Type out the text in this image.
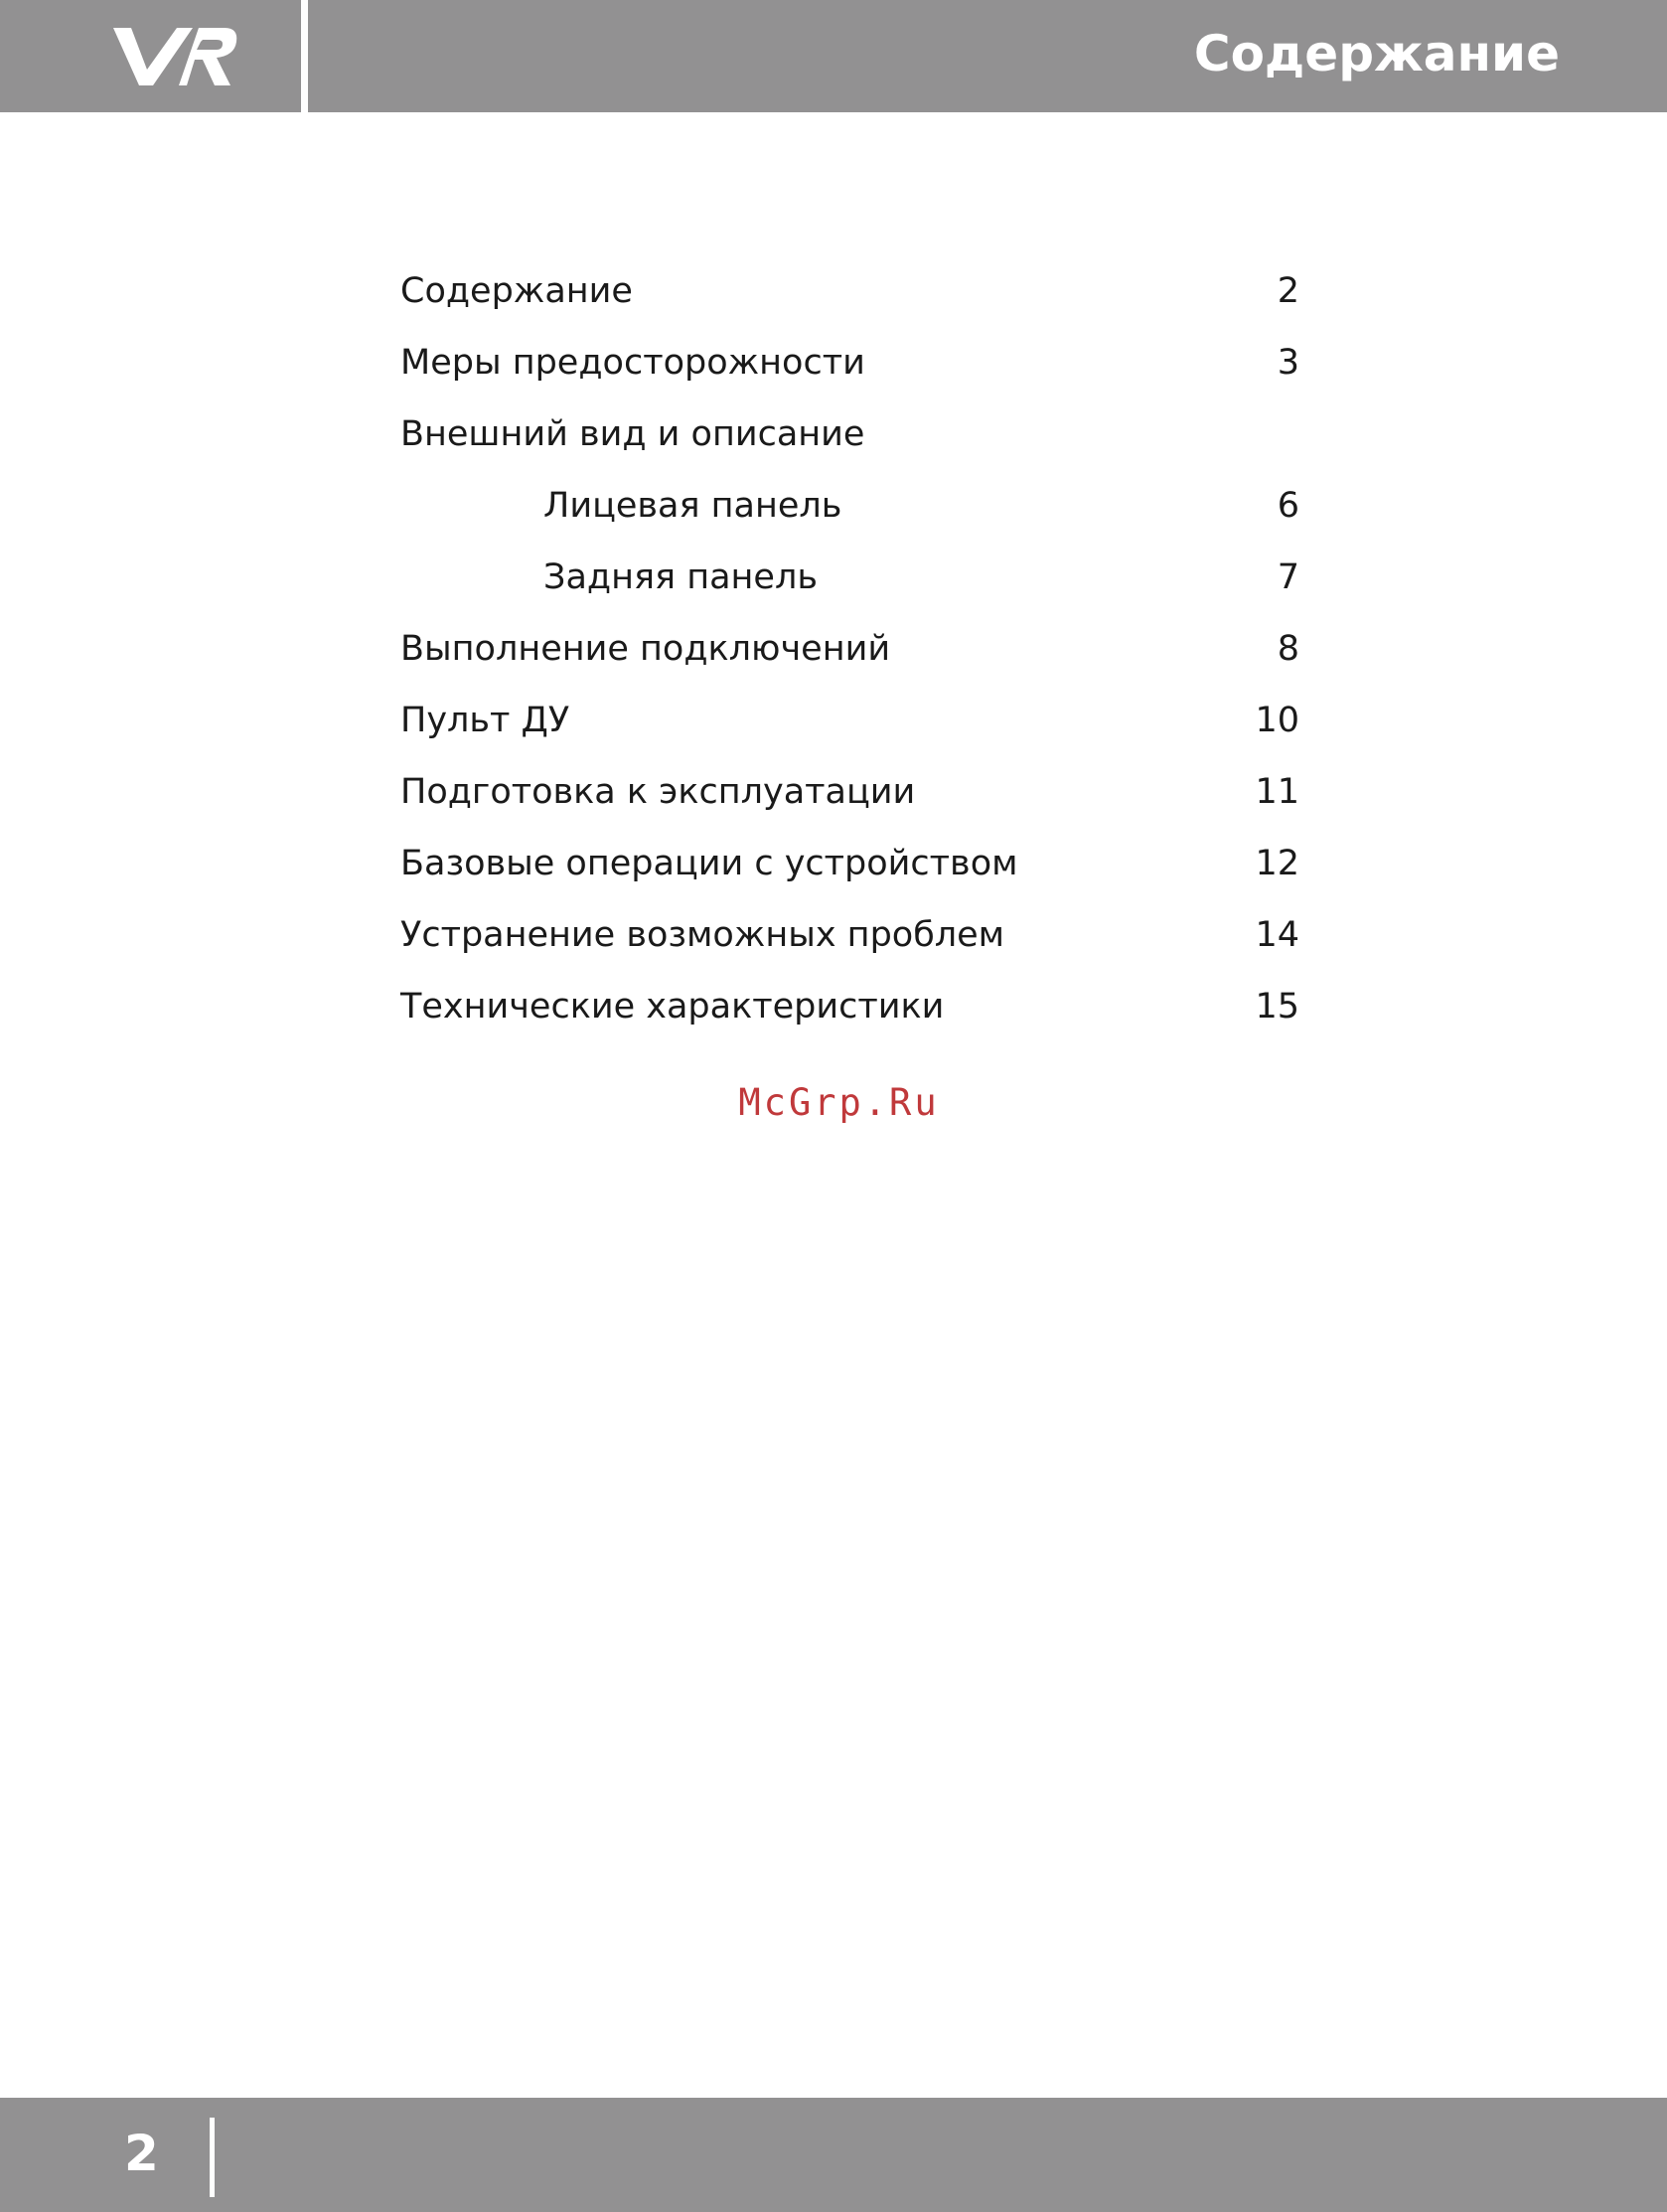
Содержание
Содержание	2
Меры предосторожности	3
Внешний вид и описание
Лицевая панель	6
Задняя панель	7
Выполнение подключений	8
Пульт ДУ	10
Подготовка к эксплуатации	11
Базовые операции с устройством	12
Устранение возможных проблем	14
Технические характеристики	15
McGrp.Ru
2
